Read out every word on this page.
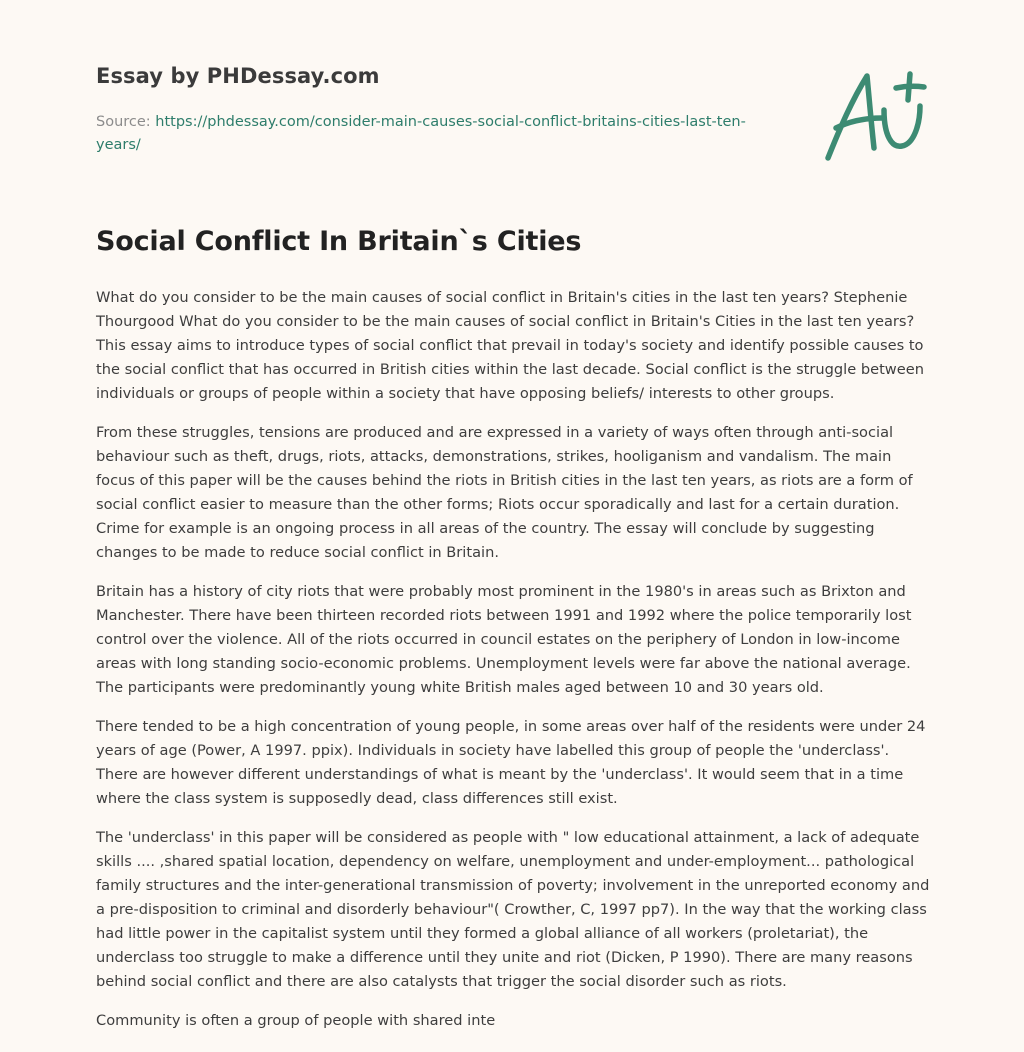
Essay by PHDessay.com
Source: https://phdessay.com/consider-main-causes-social-conflict-britains-cities-last-ten-years/
Social Conflict In Britain`s Cities

What do you consider to be the main causes of social conflict in Britain's cities in the last ten years? Stephenie Thourgood What do you consider to be the main causes of social conflict in Britain's Cities in the last ten years? This essay aims to introduce types of social conflict that prevail in today's society and identify possible causes to the social conflict that has occurred in British cities within the last decade. Social conflict is the struggle between individuals or groups of people within a society that have opposing beliefs/ interests to other groups.

From these struggles, tensions are produced and are expressed in a variety of ways often through anti-social behaviour such as theft, drugs, riots, attacks, demonstrations, strikes, hooliganism and vandalism. The main focus of this paper will be the causes behind the riots in British cities in the last ten years, as riots are a form of social conflict easier to measure than the other forms; Riots occur sporadically and last for a certain duration. Crime for example is an ongoing process in all areas of the country. The essay will conclude by suggesting changes to be made to reduce social conflict in Britain.

Britain has a history of city riots that were probably most prominent in the 1980's in areas such as Brixton and Manchester. There have been thirteen recorded riots between 1991 and 1992 where the police temporarily lost control over the violence. All of the riots occurred in council estates on the periphery of London in low-income areas with long standing socio-economic problems. Unemployment levels were far above the national average. The participants were predominantly young white British males aged between 10 and 30 years old.

There tended to be a high concentration of young people, in some areas over half of the residents were under 24 years of age (Power, A 1997. ppix). Individuals in society have labelled this group of people the 'underclass'. There are however different understandings of what is meant by the 'underclass'. It would seem that in a time where the class system is supposedly dead, class differences still exist.

The 'underclass' in this paper will be considered as people with " low educational attainment, a lack of adequate skills .... ,shared spatial location, dependency on welfare, unemployment and under-employment... pathological family structures and the inter-generational transmission of poverty; involvement in the unreported economy and a pre-disposition to criminal and disorderly behaviour"( Crowther, C, 1997 pp7). In the way that the working class had little power in the capitalist system until they formed a global alliance of all workers (proletariat), the underclass too struggle to make a difference until they unite and riot (Dicken, P 1990). There are many reasons behind social conflict and there are also catalysts that trigger the social disorder such as riots.

Community is often a group of people with shared inte
